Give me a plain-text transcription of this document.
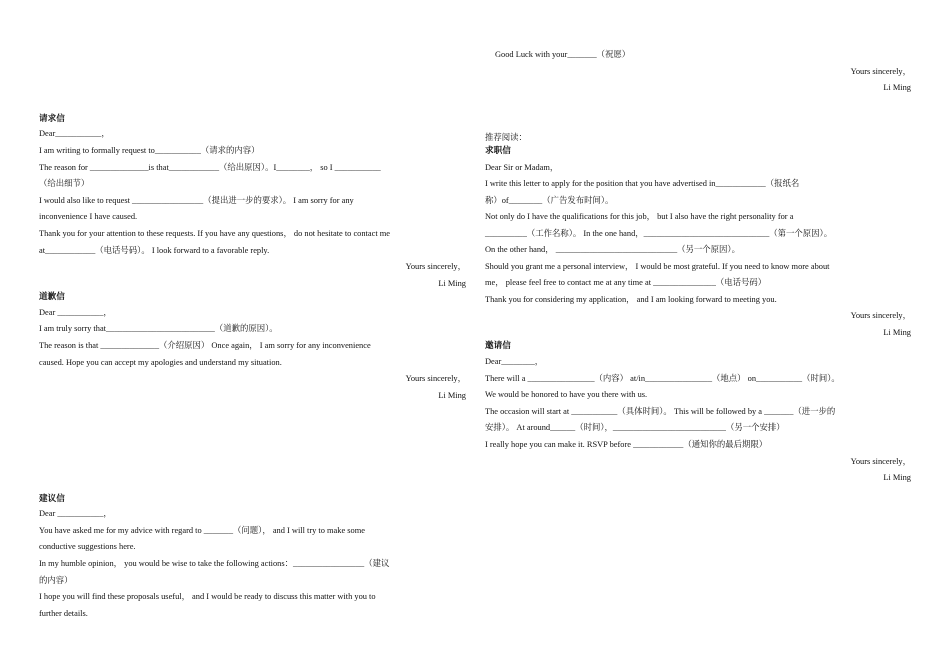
请求信
Dear___________，
I am writing to formally request to___________（请求的内容）
The reason for ______________is that____________（给出原因）。I________， so I ___________
（给出细节）
I would also like to request _________________（提出进一步的要求）。 I am sorry for any
inconvenience I have caused.
Thank you for your attention to these requests. If you have any questions， do not hesitate to contact me
at____________（电话号码）。 I look forward to a favorable reply.
Yours sincerely，
Li Ming
道歉信
Dear ___________，
I am truly sorry that__________________________（道歉的原因）。
The reason is that ______________（介绍原因） Once again， I am sorry for any inconvenience
caused. Hope you can accept my apologies and understand my situation.
Yours sincerely，
Li Ming
建议信
Dear ___________，
You have asked me for my advice with regard to _______（问题）， and I will try to make some
conductive suggestions here.
In my humble opinion， you would be wise to take the following actions：_________________（建议
的内容）
I hope you will find these proposals useful， and I would be ready to discuss this matter with you to
further details.
Good Luck with your_______（祝愿）
Yours sincerely，
Li Ming
推荐阅读：
求职信
Dear Sir or Madam，
I write this letter to apply for the position that you have advertised in____________（报纸名
称）of________（广告发布时间）。
Not only do I have the qualifications for this job， but I also have the right personality for a
__________（工作名称）。 In the one hand，______________________________（第一个原因）。
On the other hand， _____________________________（另一个原因）。
Should you grant me a personal interview， I would be most grateful. If you need to know more about
me， please feel free to contact me at any time at _______________（电话号码）
Thank you for considering my application， and I am looking forward to meeting you.
Yours sincerely，
Li Ming
邀请信
Dear________，
There will a ________________（内容） at/in________________（地点） on___________（时间）。
We would be honored to have you there with us.
The occasion will start at ___________（具体时间）。 This will be followed by a _______（进一步的
安排）。 At around______（时间），___________________________（另一个安排）
I really hope you can make it. RSVP before ____________（通知你的最后期限）
Yours sincerely，
Li Ming
